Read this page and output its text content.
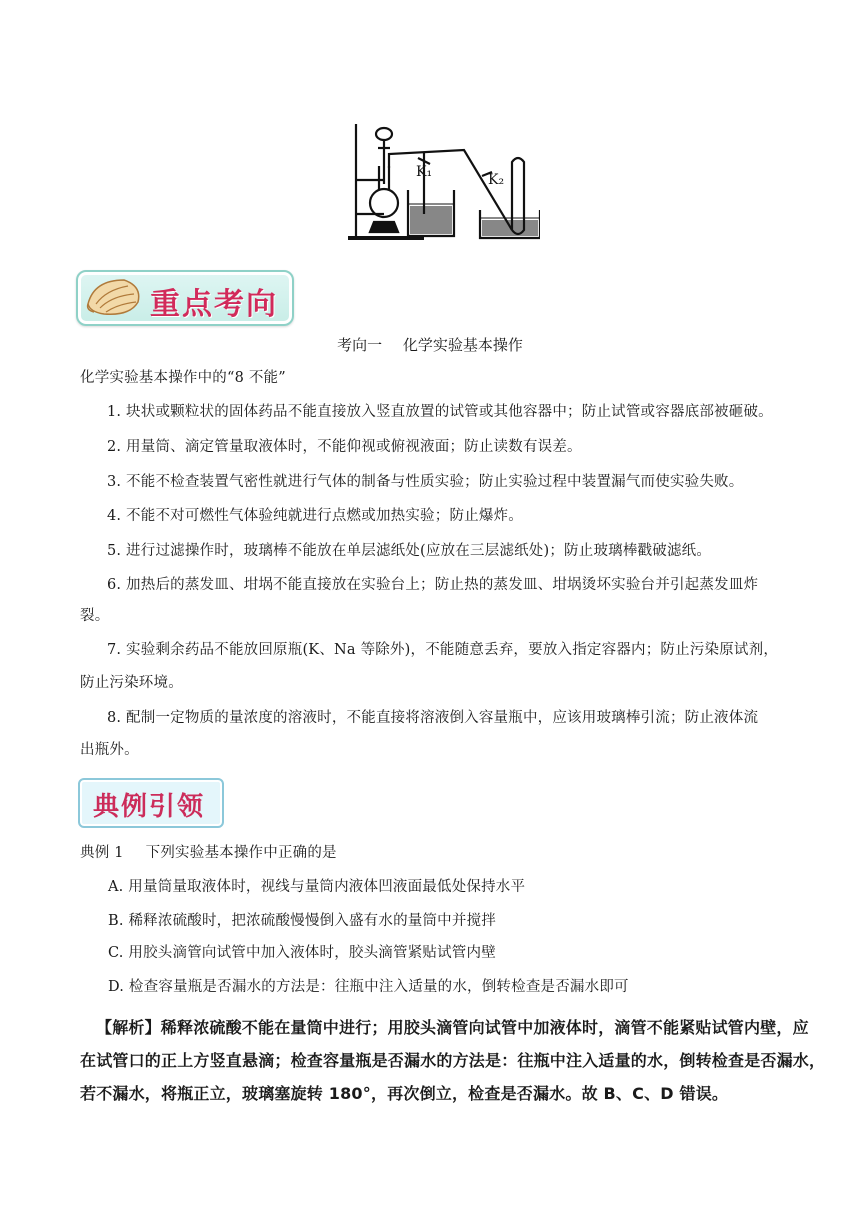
K₁	K₂
重点考向
考向一 化学实验基本操作
化学实验基本操作中的“8 不能”
1. 块状或颗粒状的固体药品不能直接放入竖直放置的试管或其他容器中；防止试管或容器底部被砸破。
2. 用量筒、滴定管量取液体时，不能仰视或俯视液面；防止读数有误差。
3. 不能不检查装置气密性就进行气体的制备与性质实验；防止实验过程中装置漏气而使实验失败。
4. 不能不对可燃性气体验纯就进行点燃或加热实验；防止爆炸。
5. 进行过滤操作时，玻璃棒不能放在单层滤纸处(应放在三层滤纸处)；防止玻璃棒戳破滤纸。
6. 加热后的蒸发皿、坩埚不能直接放在实验台上；防止热的蒸发皿、坩埚烫坏实验台并引起蒸发皿炸
裂。
7. 实验剩余药品不能放回原瓶(K、Na 等除外)，不能随意丢弃，要放入指定容器内；防止污染原试剂，
防止污染环境。
8. 配制一定物质的量浓度的溶液时，不能直接将溶液倒入容量瓶中，应该用玻璃棒引流；防止液体流
出瓶外。
典例引领
典例 1 下列实验基本操作中正确的是
A. 用量筒量取液体时，视线与量筒内液体凹液面最低处保持水平
B. 稀释浓硫酸时，把浓硫酸慢慢倒入盛有水的量筒中并搅拌
C. 用胶头滴管向试管中加入液体时，胶头滴管紧贴试管内壁
D. 检查容量瓶是否漏水的方法是：往瓶中注入适量的水，倒转检查是否漏水即可
【解析】稀释浓硫酸不能在量筒中进行；用胶头滴管向试管中加液体时，滴管不能紧贴试管内壁，应
在试管口的正上方竖直悬滴；检查容量瓶是否漏水的方法是：往瓶中注入适量的水，倒转检查是否漏水，
若不漏水，将瓶正立，玻璃塞旋转 180°，再次倒立，检查是否漏水。故 B、C、D 错误。
